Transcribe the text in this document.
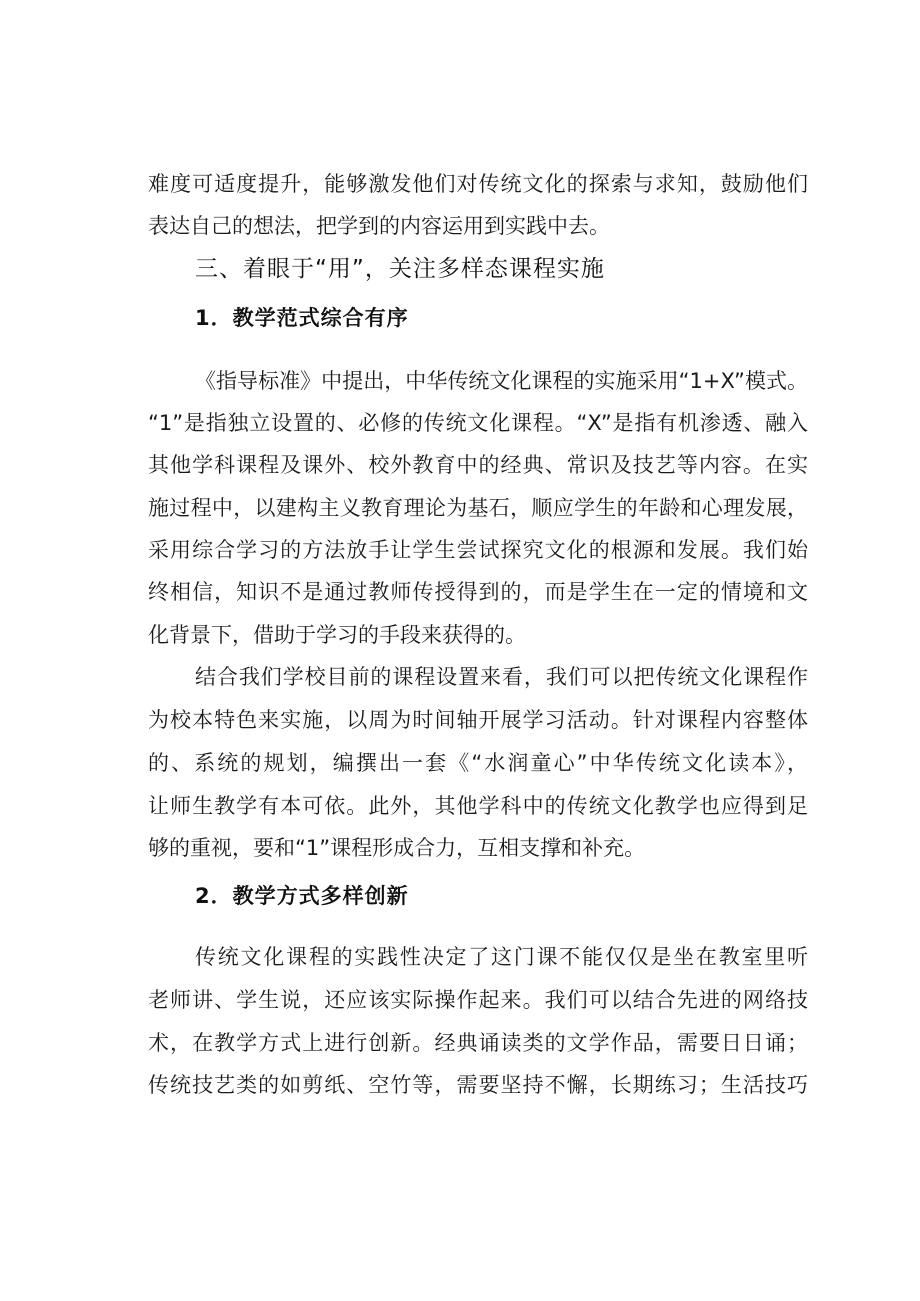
难度可适度提升，能够激发他们对传统文化的探索与求知，鼓励他们
表达自己的想法，把学到的内容运用到实践中去。
三、着眼于“用”，关注多样态课程实施
1．教学范式综合有序
《指导标准》中提出，中华传统文化课程的实施采用“1+X”模式。
“1”是指独立设置的、必修的传统文化课程。“X”是指有机渗透、融入
其他学科课程及课外、校外教育中的经典、常识及技艺等内容。在实
施过程中，以建构主义教育理论为基石，顺应学生的年龄和心理发展，
采用综合学习的方法放手让学生尝试探究文化的根源和发展。我们始
终相信，知识不是通过教师传授得到的，而是学生在一定的情境和文
化背景下，借助于学习的手段来获得的。
结合我们学校目前的课程设置来看，我们可以把传统文化课程作
为校本特色来实施，以周为时间轴开展学习活动。针对课程内容整体
的、系统的规划，编撰出一套《“水润童心”中华传统文化读本》，
让师生教学有本可依。此外，其他学科中的传统文化教学也应得到足
够的重视，要和“1”课程形成合力，互相支撑和补充。
2．教学方式多样创新
传统文化课程的实践性决定了这门课不能仅仅是坐在教室里听
老师讲、学生说，还应该实际操作起来。我们可以结合先进的网络技
术，在教学方式上进行创新。经典诵读类的文学作品，需要日日诵；
传统技艺类的如剪纸、空竹等，需要坚持不懈，长期练习；生活技巧
